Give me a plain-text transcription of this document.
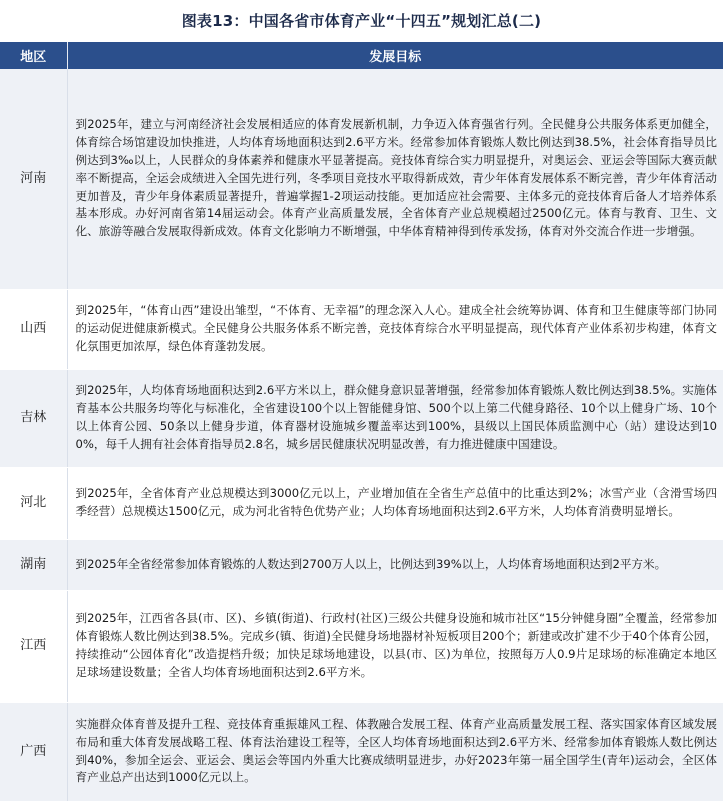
图表13：中国各省市体育产业“十四五”规划汇总(二)
地区	发展目标
河南	到2025年，建立与河南经济社会发展相适应的体育发展新机制，力争迈入体育强省行列。全民健身公共服务体系更加健全，体育综合场馆建设加快推进，人均体育场地面积达到2.6平方米。经常参加体育锻炼人数比例达到38.5%，社会体育指导员比例达到3‰以上，人民群众的身体素养和健康水平显著提高。竞技体育综合实力明显提升，对奥运会、亚运会等国际大赛贡献率不断提高，全运会成绩进入全国先进行列，冬季项目竞技水平取得新成效，青少年体育发展体系不断完善，青少年体育活动更加普及，青少年身体素质显著提升，普遍掌握1-2项运动技能。更加适应社会需要、主体多元的竞技体育后备人才培养体系基本形成。办好河南省第14届运动会。体育产业高质量发展，全省体育产业总规模超过2500亿元。体育与教育、卫生、文化、旅游等融合发展取得新成效。体育文化影响力不断增强，中华体育精神得到传承发扬，体育对外交流合作进一步增强。
山西	到2025年，“体育山西”建设出雏型，“不体育、无幸福”的理念深入人心。建成全社会统筹协调、体育和卫生健康等部门协同的运动促进健康新模式。全民健身公共服务体系不断完善，竞技体育综合水平明显提高，现代体育产业体系初步构建，体育文化氛围更加浓厚，绿色体育蓬勃发展。
吉林	到2025年，人均体育场地面积达到2.6平方米以上，群众健身意识显著增强，经常参加体育锻炼人数比例达到38.5%。实施体育基本公共服务均等化与标准化，全省建设100个以上智能健身馆、500个以上第二代健身路径、10个以上健身广场、10个以上体育公园、50条以上健身步道，体育器材设施城乡覆盖率达到100%，县级以上国民体质监测中心（站）建设达到100%，每千人拥有社会体育指导员2.8名，城乡居民健康状况明显改善，有力推进健康中国建设。
河北	到2025年，全省体育产业总规模达到3000亿元以上，产业增加值在全省生产总值中的比重达到2%；冰雪产业（含滑雪场四季经营）总规模达1500亿元，成为河北省特色优势产业；人均体育场地面积达到2.6平方米，人均体育消费明显增长。
湖南	到2025年全省经常参加体育锻炼的人数达到2700万人以上，比例达到39%以上，人均体育场地面积达到2平方米。
江西	到2025年，江西省各县(市、区)、乡镇(街道)、行政村(社区)三级公共健身设施和城市社区“15分钟健身圈”全覆盖，经常参加体育锻炼人数比例达到38.5%。完成乡(镇、街道)全民健身场地器材补短板项目200个；新建或改扩建不少于40个体育公园，持续推动“公园体育化”改造提档升级；加快足球场地建设，以县(市、区)为单位，按照每万人0.9片足球场的标准确定本地区足球场建设数量；全省人均体育场地面积达到2.6平方米。
广西	实施群众体育普及提升工程、竞技体育重振雄风工程、体教融合发展工程、体育产业高质量发展工程、落实国家体育区域发展布局和重大体育发展战略工程、体育法治建设工程等，全区人均体育场地面积达到2.6平方米、经常参加体育锻炼人数比例达到40%，参加全运会、亚运会、奥运会等国内外重大比赛成绩明显进步，办好2023年第一届全国学生(青年)运动会，全区体育产业总产出达到1000亿元以上。
